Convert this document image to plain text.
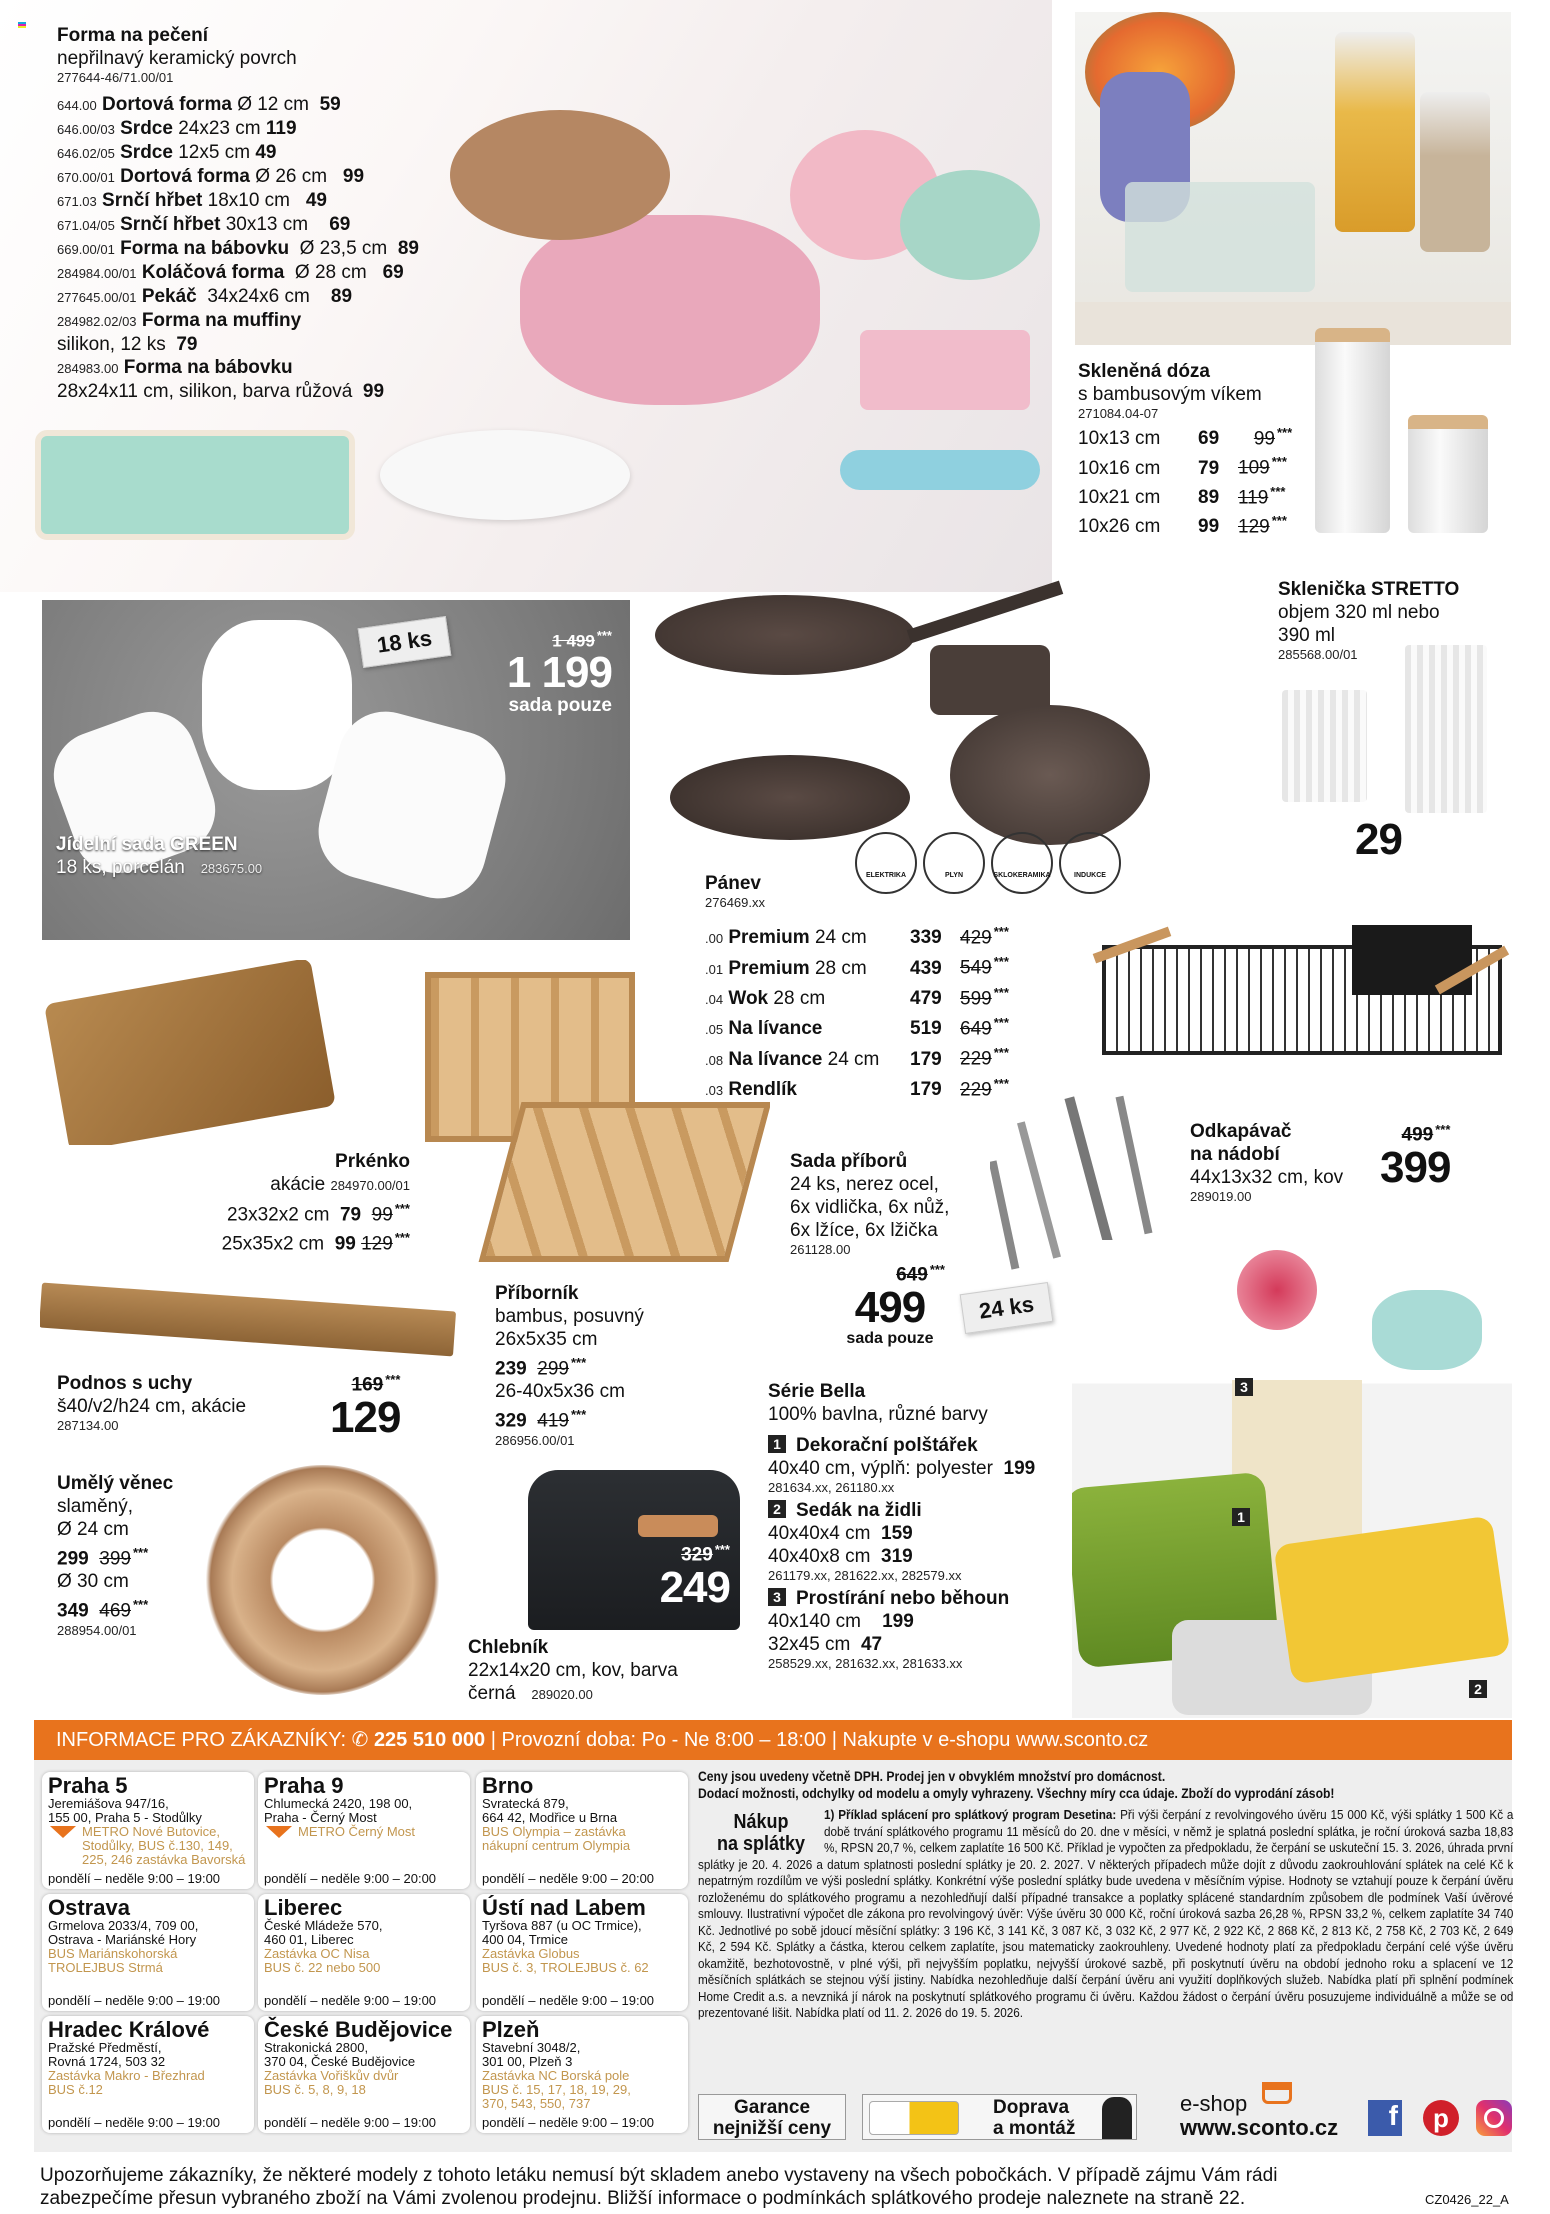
Forma na pečení
nepřilnavý keramický povrch
277644-46/71.00/01
644.00 Dortová forma Ø 12 cm 59
646.00/03 Srdce 24x23 cm 119
646.02/05 Srdce 12x5 cm 49
670.00/01 Dortová forma Ø 26 cm 99
671.03 Srnčí hřbet 18x10 cm 49
671.04/05 Srnčí hřbet 30x13 cm 69
669.00/01 Forma na bábovku Ø 23,5 cm 89
284984.00/01 Koláčová forma Ø 28 cm 69
277645.00/01 Pekáč 34x24x6 cm 89
284982.02/03 Forma na muffiny
silikon, 12 ks 79
284983.00 Forma na bábovku
28x24x11 cm, silikon, barva růžová 99
Skleněná dóza
s bambusovým víkem
271084.04-07
10x13 cm 69 99 ***
10x16 cm 79 109 ***
10x21 cm 89 119 ***
10x26 cm 99 129 ***
18 ks	1 499 ***
1 199
sada pouze
Jídelní sada GREEN
18 ks, porcelán 283675.00	ELEKTRIKA	PLYN	SKLOKERAMIKA	INDUKCE
Pánev
276469.xx
.00 Premium 24 cm 339 429 ***
.01 Premium 28 cm 439 549 ***
.04 Wok 28 cm	479 599 ***
.05 Na lívance	519 649 ***
.08 Na lívance 24 cm 179 229 ***
.03 Rendlík	179 229 ***
Sklenička STRETTO
objem 320 ml nebo
390 ml
285568.00/01
29
Odkapávač
na nádobí
44x13x32 cm, kov
289019.00
499 ***
399
Prkénko
akácie 284970.00/01
23x32x2 cm 79 99 ***
25x35x2 cm 99 129 ***
Příborník
bambus, posuvný
26x5x35 cm
239 299 ***
26-40x5x36 cm
329 419 ***
286956.00/01
Sada příborů
24 ks, nerez ocel,
6x vidlička, 6x nůž,
6x lžíce, 6x lžička
261128.00
649 ***
499
sada pouze
24 ks
Podnos s uchy
š40/v2/h24 cm, akácie
287134.00
169 ***
129
1
2
3
Série Bella
100% bavlna, různé barvy
1 Dekorační polštářek
40x40 cm, výplň: polyester 199
281634.xx, 261180.xx
2 Sedák na židli
40x40x4 cm 159
40x40x8 cm 319
261179.xx, 281622.xx, 282579.xx
3 Prostírání nebo běhoun
40x140 cm 199
32x45 cm 47
258529.xx, 281632.xx, 281633.xx
Umělý věnec
slaměný,
Ø 24 cm
299 399 ***
Ø 30 cm
349 469 ***
288954.00/01
329 ***
249
Chlebník
22x14x20 cm, kov, barva
černá 289020.00
INFORMACE PRO ZÁKAZNÍKY: ✆ 225 510 000 | Provozní doba: Po - Ne 8:00 – 18:00 | Nakupte v e-shopu www.sconto.cz
Praha 5
Jeremiášova 947/16,
155 00, Praha 5 - Stodůlky
METRO Nové Butovice,
Stodůlky, BUS č.130, 149,
225, 246 zastávka Bavorská
pondělí – neděle 9:00 – 19:00
Praha 9
Chlumecká 2420, 198 00,
Praha - Černý Most
METRO Černý Most
pondělí – neděle 9:00 – 20:00
Brno
Svratecká 879,
664 42, Modřice u Brna
BUS Olympia – zastávka
nákupní centrum Olympia
pondělí – neděle 9:00 – 20:00
Ostrava
Grmelova 2033/4, 709 00,
Ostrava - Mariánské Hory
BUS Mariánskohorská
TROLEJBUS Strmá
pondělí – neděle 9:00 – 19:00
Liberec
České Mládeže 570,
460 01, Liberec
Zastávka OC Nisa
BUS č. 22 nebo 500
pondělí – neděle 9:00 – 19:00
Ústí nad Labem
Tyršova 887 (u OC Trmice),
400 04, Trmice
Zastávka Globus
BUS č. 3, TROLEJBUS č. 62
pondělí – neděle 9:00 – 19:00
Hradec Králové
Pražské Předměstí,
Rovná 1724, 503 32
Zastávka Makro - Březhrad
BUS č.12
pondělí – neděle 9:00 – 19:00
České Budějovice
Strakonická 2800,
370 04, České Budějovice
Zastávka Vořiškův dvůr
BUS č. 5, 8, 9, 18
pondělí – neděle 9:00 – 19:00
Plzeň
Stavební 3048/2,
301 00, Plzeň 3
Zastávka NC Borská pole
BUS č. 15, 17, 18, 19, 29,
370, 543, 550, 737
pondělí – neděle 9:00 – 19:00
Ceny jsou uvedeny včetně DPH. Prodej jen v obvyklém množství pro domácnost.
Dodací možnosti, odchylky od modelu a omyly vyhrazeny. Všechny míry cca údaje. Zboží do vyprodání zásob!
Nákup
na splátky
1) Příklad splácení pro splátkový program Desetina: Při výši čerpání z revolvingového úvěru 15 000 Kč, výši splátky 1 500 Kč a době trvání splátkového programu 11 měsíců do 20. dne v měsíci, v němž je splatná poslední splátka, je roční úroková sazba 18,83 %, RPSN 20,7 %, celkem zaplatíte 16 500 Kč. Příklad je vypočten za předpokladu, že čerpání se uskuteční 15. 3. 2026, úhrada první splátky je 20. 4. 2026 a datum splatnosti poslední splátky je 20. 2. 2027. V některých případech může dojít z důvodu zaokrouhlování splátek na celé Kč k nepatrným rozdílům ve výši poslední splátky. Konkrétní výše poslední splátky bude uvedena v měsíčním výpise. Hodnoty se vztahují pouze k čerpání úvěru rozloženému do splátkového programu a nezohledňují další případné transakce a poplatky splácené standardním způsobem dle podmínek Vaší úvěrové smlouvy. Ilustrativní výpočet dle zákona pro revolvingový úvěr: Výše úvěru 30 000 Kč, roční úroková sazba 26,28 %, RPSN 33,2 %, celkem zaplatíte 34 740 Kč. Jednotlivé po sobě jdoucí měsíční splátky: 3 196 Kč, 3 141 Kč, 3 087 Kč, 3 032 Kč, 2 977 Kč, 2 922 Kč, 2 868 Kč, 2 813 Kč, 2 758 Kč, 2 703 Kč, 2 649 Kč, 2 594 Kč. Splátky a částka, kterou celkem zaplatíte, jsou matematicky zaokrouhleny. Uvedené hodnoty platí za předpokladu čerpání celé výše úvěru okamžitě, bezhotovostně, v plné výši, při nejvyšším poplatku, nejvyšší úrokové sazbě, při poskytnutí úvěru na období jednoho roku a splacení ve 12 měsíčních splátkách se stejnou výší jistiny. Nabídka nezohledňuje další čerpání úvěru ani využití doplňkových služeb. Nabídka platí při splnění podmínek Home Credit a.s. a nevzniká jí nárok na poskytnutí splátkového programu či úvěru. Každou žádost o čerpání úvěru posuzujeme individuálně a může se od prezentované lišit. Nabídka platí od 11. 2. 2026 do 19. 5. 2026.
Garance
nejnižší ceny
Doprava
a montáž
e-shop
www.sconto.cz	f	p
Upozorňujeme zákazníky, že některé modely z tohoto letáku nemusí být skladem anebo vystaveny na všech pobočkách. V případě zájmu Vám rádi
zabezpečíme přesun vybraného zboží na Vámi zvolenou prodejnu. Bližší informace o podmínkách splátkového prodeje naleznete na straně 22.	CZ0426_22_A
